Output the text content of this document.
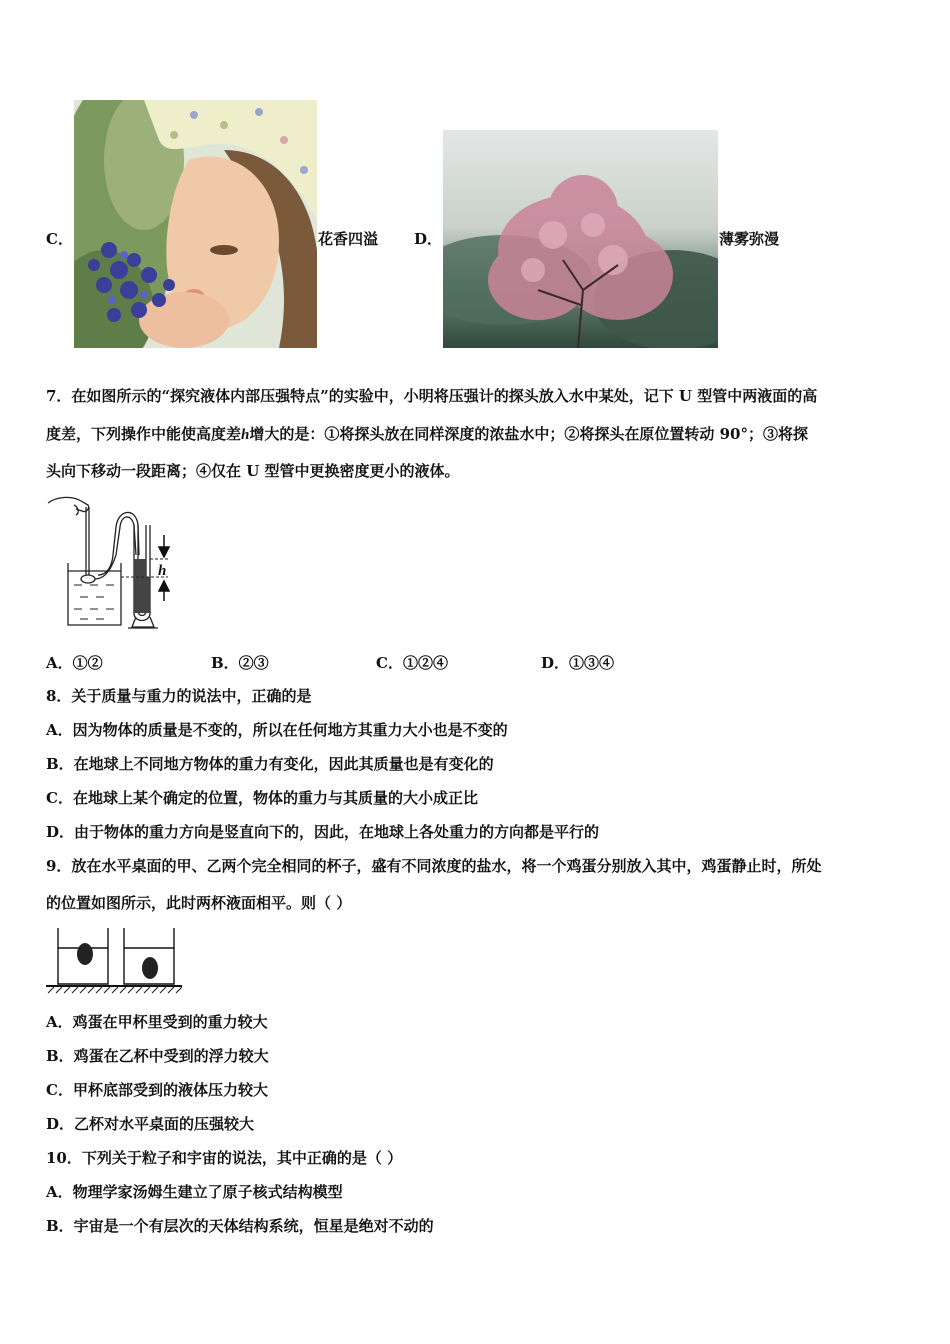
C．	花香四溢 D．	薄雾弥漫
7．在如图所示的“探究液体内部压强特点”的实验中，小明将压强计的探头放入水中某处，记下 U 型管中两液面的高
度差，下列操作中能使高度差h增大的是：①将探头放在同样深度的浓盐水中；②将探头在原位置转动 90°；③将探
头向下移动一段距离；④仅在 U 型管中更换密度更小的液体。
h
A．①②	B．②③	C．①②④	D．①③④
8．关于质量与重力的说法中，正确的是
A．因为物体的质量是不变的，所以在任何地方其重力大小也是不变的
B．在地球上不同地方物体的重力有变化，因此其质量也是有变化的
C．在地球上某个确定的位置，物体的重力与其质量的大小成正比
D．由于物体的重力方向是竖直向下的，因此，在地球上各处重力的方向都是平行的
9．放在水平桌面的甲、乙两个完全相同的杯子，盛有不同浓度的盐水，将一个鸡蛋分别放入其中，鸡蛋静止时，所处
的位置如图所示，此时两杯液面相平。则（ ）
A．鸡蛋在甲杯里受到的重力较大
B．鸡蛋在乙杯中受到的浮力较大
C．甲杯底部受到的液体压力较大
D．乙杯对水平桌面的压强较大
10．下列关于粒子和宇宙的说法，其中正确的是（ ）
A．物理学家汤姆生建立了原子核式结构模型
B．宇宙是一个有层次的天体结构系统，恒星是绝对不动的
